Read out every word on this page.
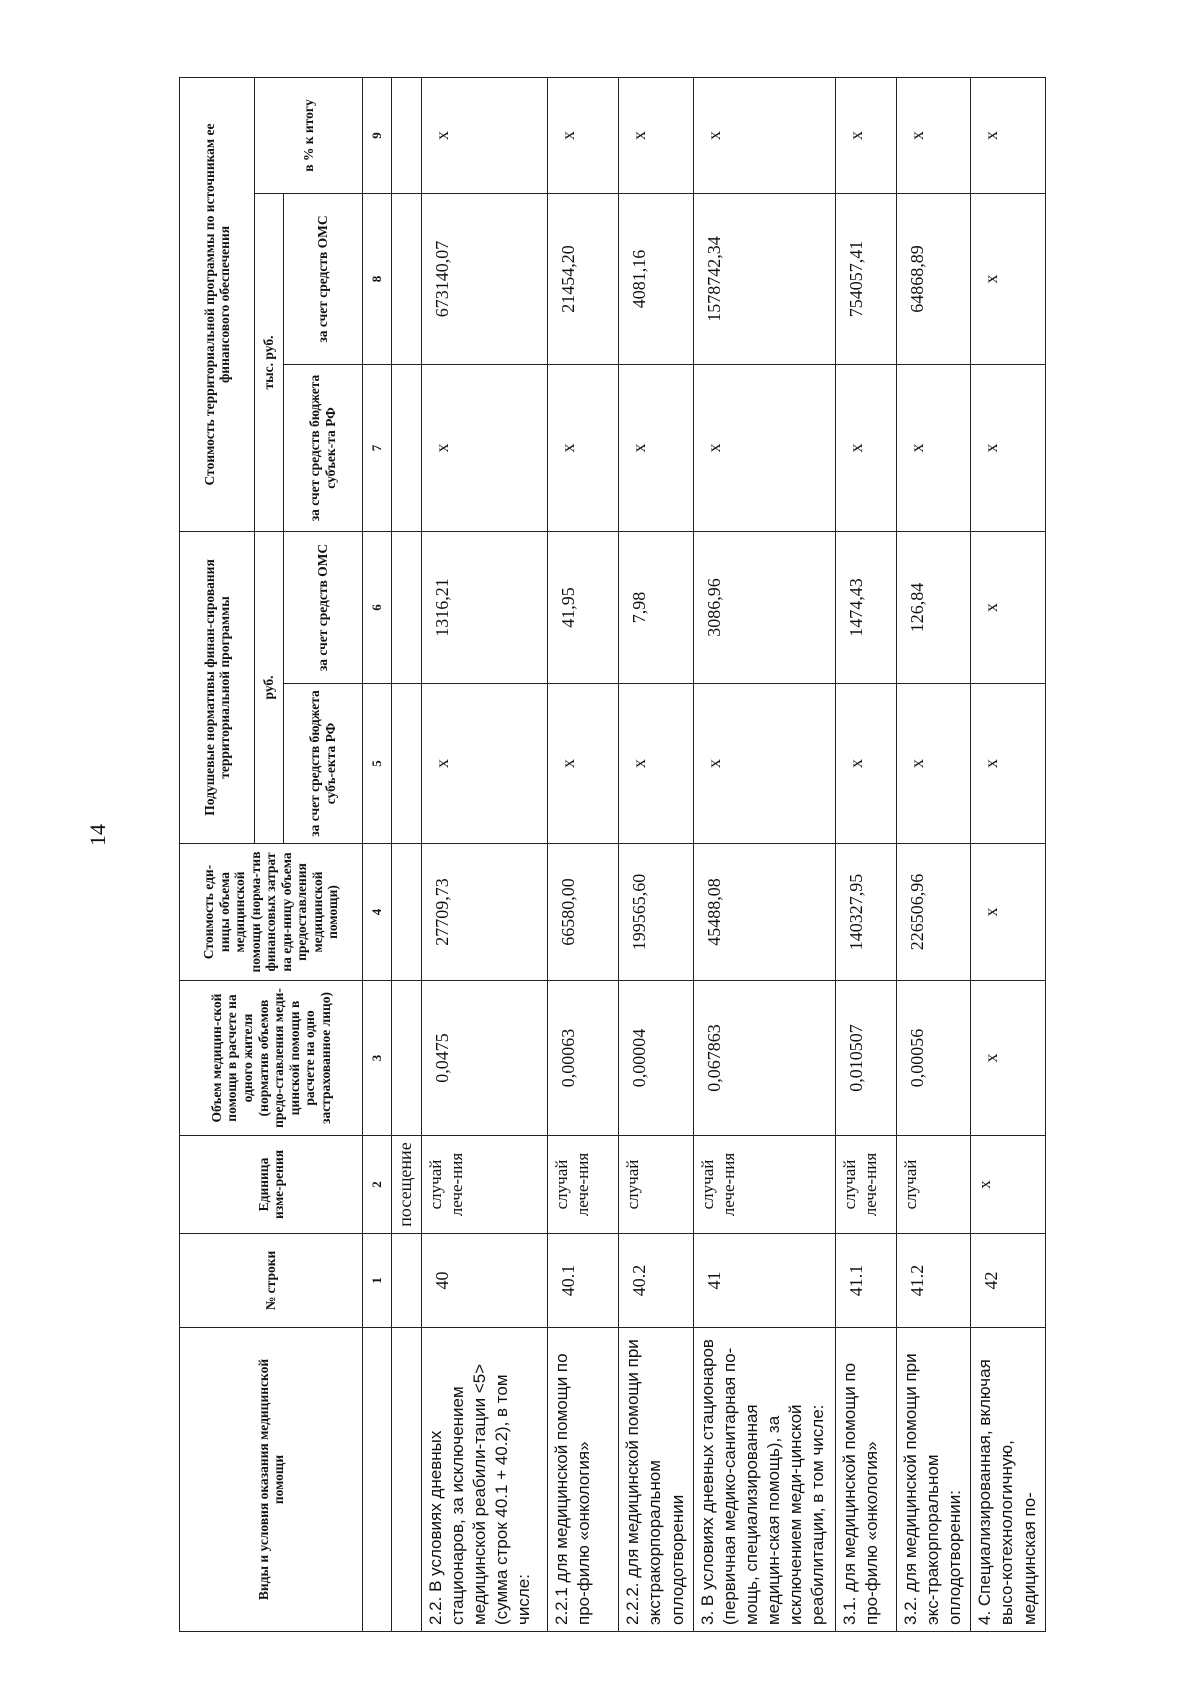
14
Виды и условия оказания медицинской помощи	№ строки	Единица изме-рения	Объем медицин-ской помощи в расчете на одного жителя (норматив объемов предо-ставления меди-цинской помощи в расчете на одно застрахованное лицо)	Стоимость еди-ницы объема медицинской помощи (норма-тив финансовых затрат на еди-ницу объема предоставления медицинской помощи)	Подушевые нормативы финан-сирования территориальной программы		Стоимость территориальной программы по источникам ее финансового обеспечения		
					руб.		тыс. руб.		в % к итогу
					за счет средств бюджета субъ-екта РФ	за счет средств ОМС	за счет средств бюджета субъек-та РФ	за счет средств ОМС	
	1	2	3	4	5	6	7	8	9
		посещение							
2.2. В условиях дневных стационаров, за исключением медицинской реабили-тации <5> (сумма строк 40.1 + 40.2), в том числе:	40	случай лече-ния	0,0475	27709,73	х	1316,21	х	673140,07	х
2.2.1 для медицинской помощи по про-филю «онкология»	40.1	случай лече-ния	0,00063	66580,00	х	41,95	х	21454,20	х
2.2.2. для медицинской помощи при экстракорпоральном оплодотворении	40.2	случай	0,00004	199565,60	х	7,98	х	4081,16	х
3. В условиях дневных стационаров (первичная медико-санитарная по-мощь, специализированная медицин-ская помощь), за исключением меди-цинской реабилитации, в том числе:	41	случай лече-ния	0,067863	45488,08	х	3086,96	х	1578742,34	х
3.1. для медицинской помощи по про-филю «онкология»	41.1	случай лече-ния	0,010507	140327,95	х	1474,43	х	754057,41	х
3.2. для медицинской помощи при экс-тракорпоральном оплодотворении:	41.2	случай	0,00056	226506,96	х	126,84	х	64868,89	х
4. Специализированная, включая высо-котехнологичную, медицинская по-	42	х	х	х	х	х	х	х	х
